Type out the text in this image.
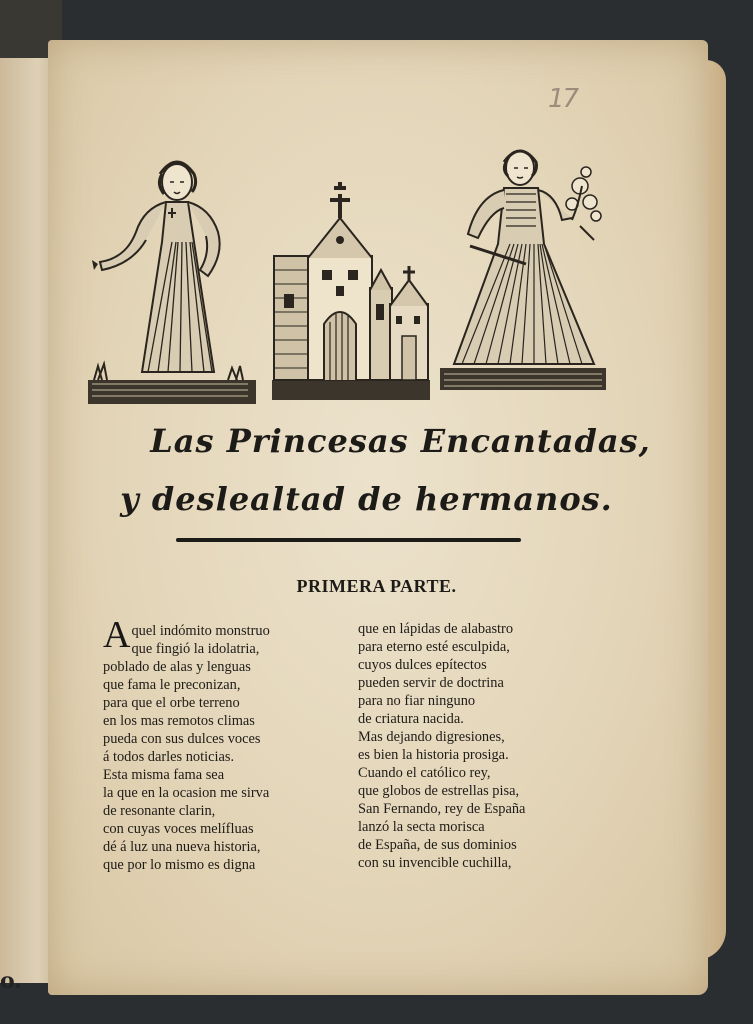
o.
17
Las Princesas Encantadas,
y deslealtad de hermanos.
PRIMERA PARTE.
A quel indómito monstruo
que fingió la idolatria,
poblado de alas y lenguas
que fama le preconizan,
para que el orbe terreno
en los mas remotos climas
pueda con sus dulces voces
á todos darles noticias.
Esta misma fama sea
la que en la ocasion me sirva
de resonante clarin,
con cuyas voces melífluas
dé á luz una nueva historia,
que por lo mismo es digna
que en lápidas de alabastro
para eterno esté esculpida,
cuyos dulces epítectos
pueden servir de doctrina
para no fiar ninguno
de criatura nacida.
Mas dejando digresiones,
es bien la historia prosiga.
Cuando el católico rey,
que globos de estrellas pisa,
San Fernando, rey de España
lanzó la secta morisca
de España, de sus dominios
con su invencible cuchilla,
